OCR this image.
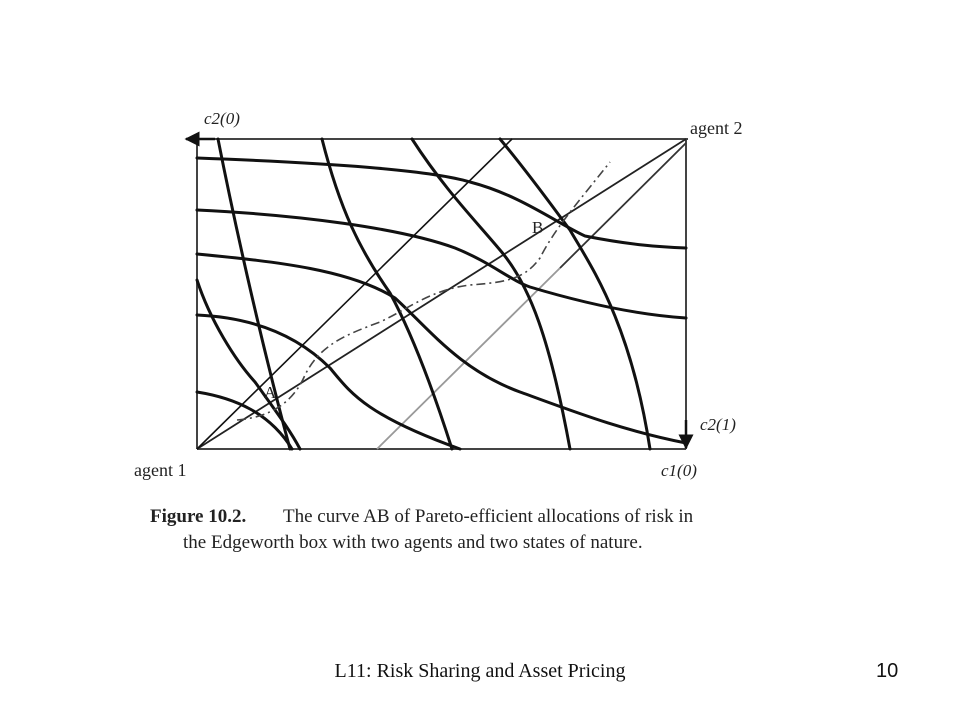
A
B
c2(0)	agent 2
agent 1	c1(0)
c2(1)
Figure 10.2. The curve AB of Pareto-efficient allocations of risk in
the Edgeworth box with two agents and two states of nature.
L11: Risk Sharing and Asset Pricing	10
